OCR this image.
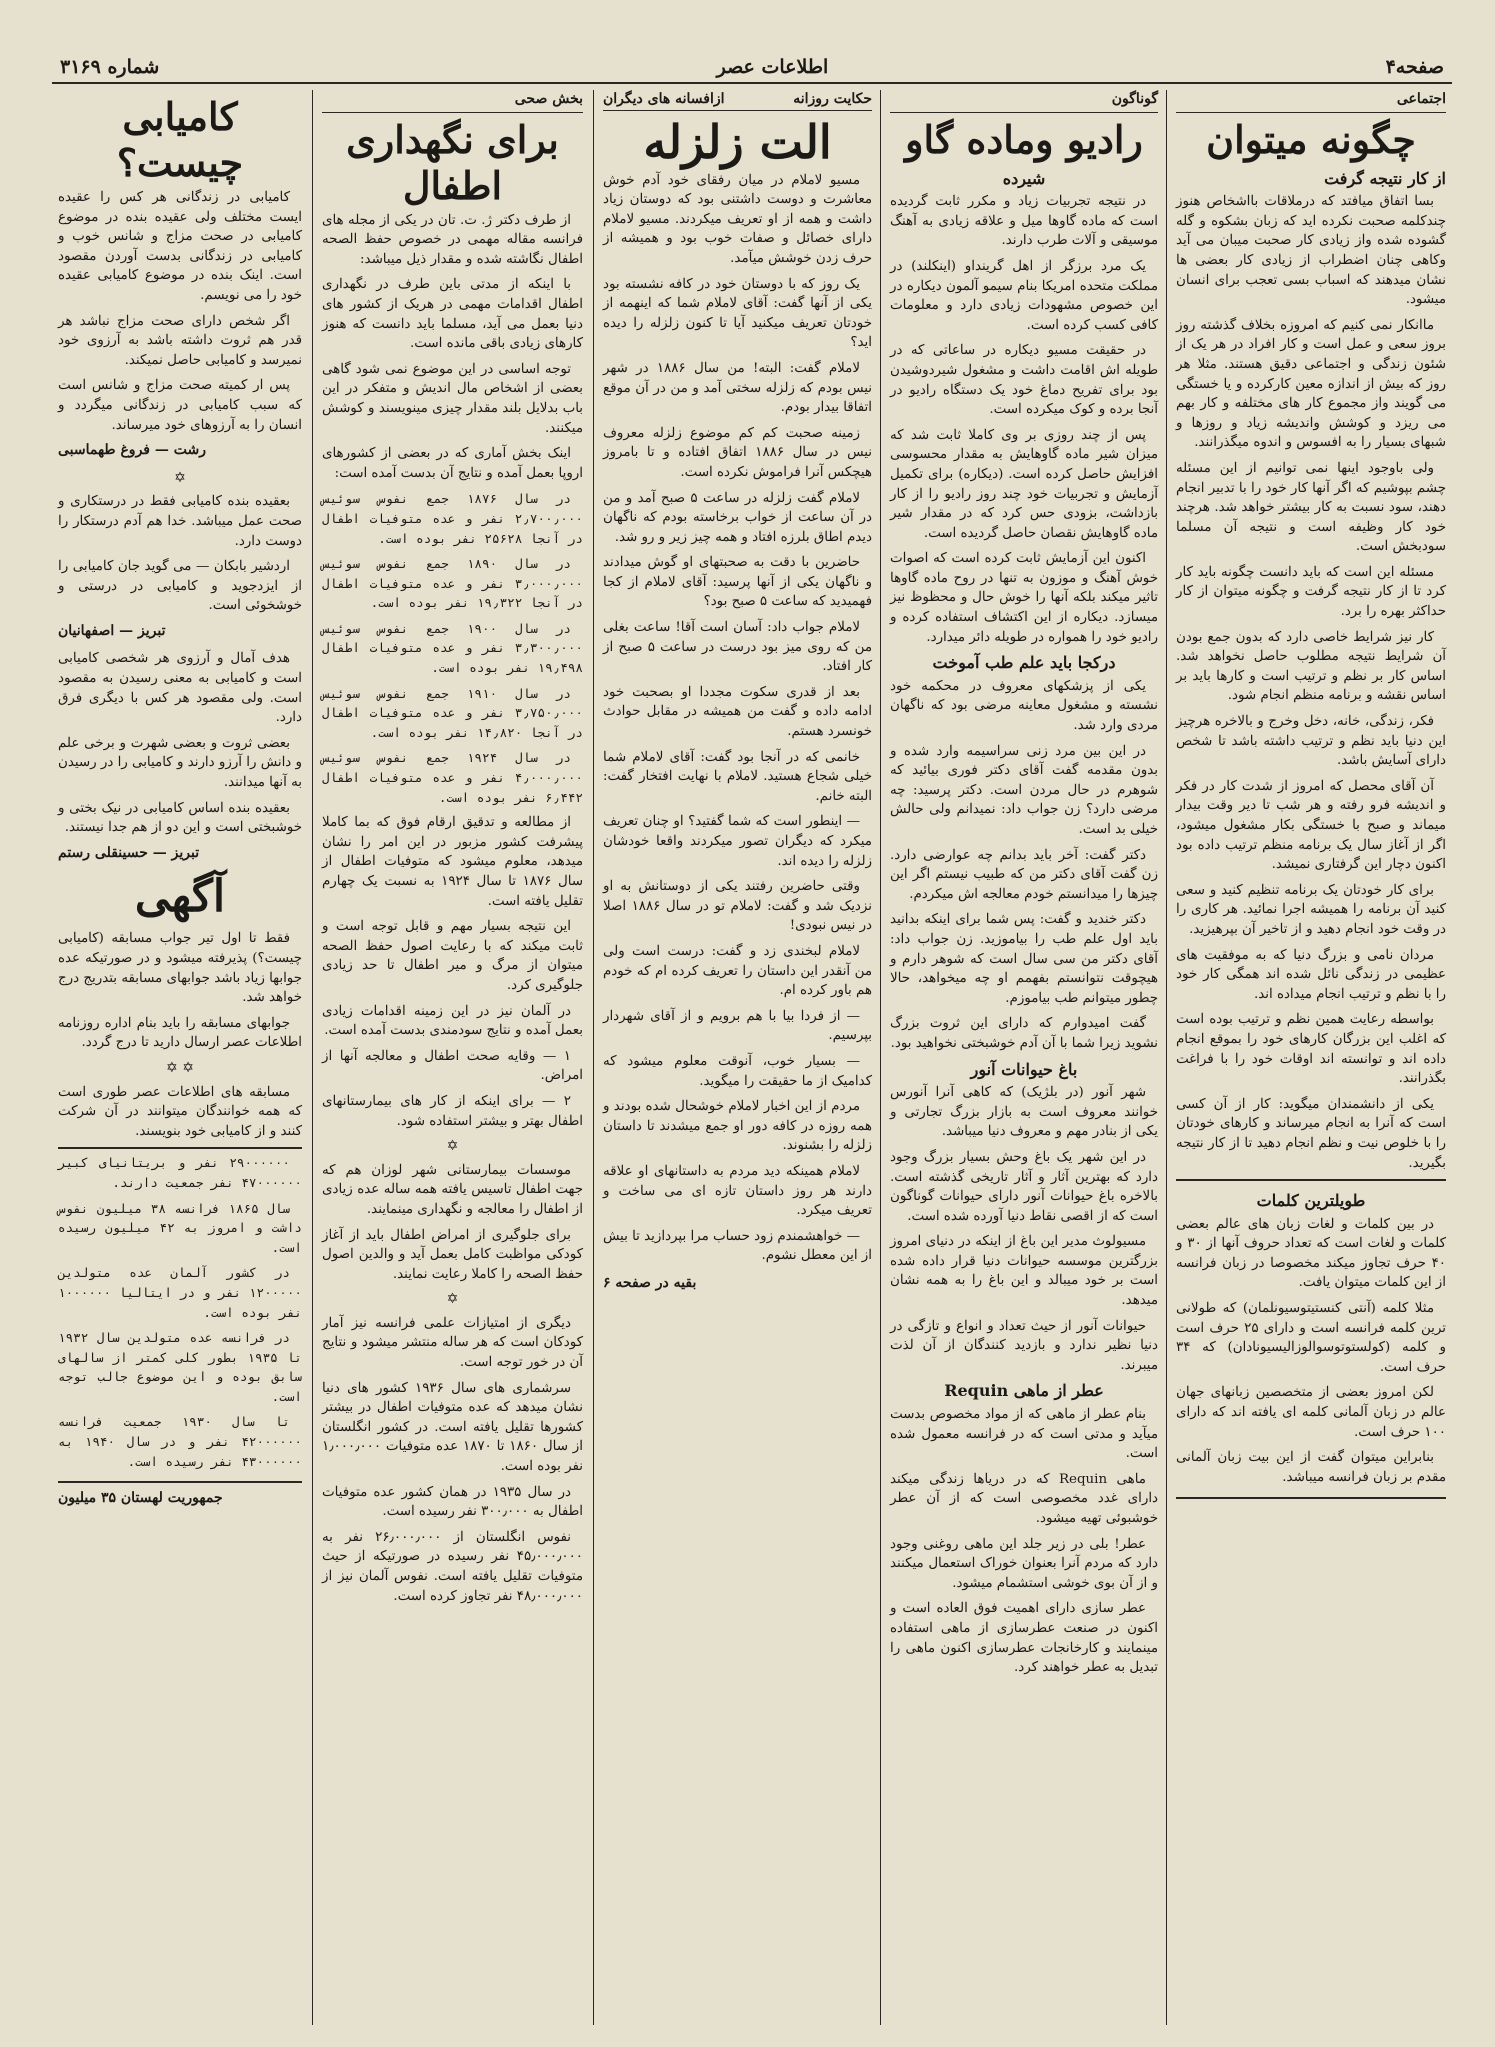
صفحه۴
اطلاعات عصر
شماره ۳۱۶۹
اجتماعی
چگونه میتوان
از کار نتیجه گرفت

بسا اتفاق میافتد که درملاقات بااشخاص هنوز چندکلمه صحبت نکرده اید که زبان بشکوه و گله گشوده شده واز زیادی کار صحبت میبان می آید وکاهی چنان اضطراب از زیادی کار بعضی ها نشان میدهند که اسباب بسی تعجب برای انسان میشود.

ماانکار نمی کنیم که امروزه بخلاف گذشته روز بروز سعی و عمل است و کار افراد در هر یک از شئون زندگی و اجتماعی دقیق هستند. مثلا هر روز که بیش از اندازه معین کارکرده و یا خستگی می گویند واز مجموع کار های مختلفه و کار بهم می ریزد و کوشش واندیشه زیاد و روزها و شبهای بسیار را به افسوس و اندوه میگذرانند.

ولی باوجود اینها نمی توانیم از این مسئله چشم بپوشیم که اگر آنها کار خود را با تدبیر انجام دهند، سود نسبت به کار بیشتر خواهد شد. هرچند خود کار وظیفه است و نتیجه آن مسلما سودبخش است.

مسئله این است که باید دانست چگونه باید کار کرد تا از کار نتیجه گرفت و چگونه میتوان از کار حداکثر بهره را برد.

کار نیز شرایط خاصی دارد که بدون جمع بودن آن شرایط نتیجه مطلوب حاصل نخواهد شد. اساس کار بر نظم و ترتیب است و کارها باید بر اساس نقشه و برنامه منظم انجام شود.

فکر، زندگی، خانه، دخل وخرج و بالاخره هرچیز این دنیا باید نظم و ترتیب داشته باشد تا شخص دارای آسایش باشد.

آن آقای محصل که امروز از شدت کار در فکر و اندیشه فرو رفته و هر شب تا دیر وقت بیدار میماند و صبح با خستگی بکار مشغول میشود، اگر از آغاز سال یک برنامه منظم ترتیب داده بود اکنون دچار این گرفتاری نمیشد.

برای کار خودتان یک برنامه تنظیم کنید و سعی کنید آن برنامه را همیشه اجرا نمائید. هر کاری را در وقت خود انجام دهید و از تاخیر آن بپرهیزید.

مردان نامی و بزرگ دنیا که به موفقیت های عظیمی در زندگی نائل شده اند همگی کار خود را با نظم و ترتیب انجام میداده اند.

بواسطه رعایت همین نظم و ترتیب بوده است که اغلب این بزرگان کارهای خود را بموقع انجام داده اند و توانسته اند اوقات خود را با فراغت بگذرانند.

یکی از دانشمندان میگوید: کار از آن کسی است که آنرا به انجام میرساند و کارهای خودتان را با خلوص نیت و نظم انجام دهید تا از کار نتیجه بگیرید.

طویلترین کلمات

در بین کلمات و لغات زبان های عالم بعضی کلمات و لغات است که تعداد حروف آنها از ۳۰ و ۴۰ حرف تجاوز میکند مخصوصا در زبان فرانسه از این کلمات میتوان یافت.

مثلا کلمه (آنتی کنستیتوسیونلمان) که طولانی ترین کلمه فرانسه است و دارای ۲۵ حرف است و کلمه (کولستوتوسوالوزالیسیونادان) که ۳۴ حرف است.

لکن امروز بعضی از متخصصین زبانهای جهان عالم در زبان آلمانی کلمه ای یافته اند که دارای ۱۰۰ حرف است.

بنابراین میتوان گفت از این بیت زبان آلمانی مقدم بر زبان فرانسه میباشد.

گوناگون
رادیو وماده گاو
شیرده

در نتیجه تجربیات زیاد و مکرر ثابت گردیده است که ماده گاوها میل و علاقه زیادی به آهنگ موسیقی و آلات طرب دارند.

یک مرد برزگر از اهل گرینداو (اینکلند) در مملکت متحده امریکا بنام سیمو آلمون دیکاره در این خصوص مشهودات زیادی دارد و معلومات کافی کسب کرده است.

در حقیقت مسیو دیکاره در ساعاتی که در طویله اش اقامت داشت و مشغول شیردوشیدن بود برای تفریح دماغ خود یک دستگاه رادیو در آنجا برده و کوک میکرده است.

پس از چند روزی بر وی کاملا ثابت شد که میزان شیر ماده گاوهایش به مقدار محسوسی افزایش حاصل کرده است. (دیکاره) برای تکمیل آزمایش و تجربیات خود چند روز رادیو را از کار بازداشت، بزودی حس کرد که در مقدار شیر ماده گاوهایش نقصان حاصل گردیده است.

اکنون این آزمایش ثابت کرده است که اصوات خوش آهنگ و موزون به تنها در روح ماده گاوها تاثیر میکند بلکه آنها را خوش حال و محظوظ نیز میسازد. دیکاره از این اکتشاف استفاده کرده و رادیو خود را همواره در طویله دائر میدارد.

درکجا باید علم طب آموخت

یکی از پزشکهای معروف در محکمه خود نشسته و مشغول معاینه مرضی بود که ناگهان مردی وارد شد.

در این بین مرد زنی سراسیمه وارد شده و بدون مقدمه گفت آقای دکتر فوری بیائید که شوهرم در حال مردن است. دکتر پرسید: چه مرضی دارد؟ زن جواب داد: نمیدانم ولی حالش خیلی بد است.

دکتر گفت: آخر باید بدانم چه عوارضی دارد. زن گفت آقای دکتر من که طبیب نیستم اگر این چیزها را میدانستم خودم معالجه اش میکردم.

دکتر خندید و گفت: پس شما برای اینکه بدانید باید اول علم طب را بیاموزید. زن جواب داد: آقای دکتر من سی سال است که شوهر دارم و هیچوقت نتوانستم بفهمم او چه میخواهد، حالا چطور میتوانم طب بیاموزم.

گفت امیدوارم که دارای این ثروت بزرگ نشوید زیرا شما با آن آدم خوشبختی نخواهید بود.

باغ حیوانات آنور

شهر آنور (در بلژیک) که کاهی آنرا آنورس خوانند معروف است به بازار بزرگ تجارتی و یکی از بنادر مهم و معروف دنیا میباشد.

در این شهر یک باغ وحش بسیار بزرگ وجود دارد که بهترین آثار و آثار تاریخی گذشته است. بالاخره باغ حیوانات آنور دارای حیوانات گوناگون است که از اقصی نقاط دنیا آورده شده است.

مسیولوث مدیر این باغ از اینکه در دنیای امروز بزرگترین موسسه حیوانات دنیا قرار داده شده است بر خود میبالد و این باغ را به همه نشان میدهد.

حیوانات آنور از حیث تعداد و انواع و تازگی در دنیا نظیر ندارد و بازدید کنندگان از آن لذت میبرند.

عطر از ماهی Requin

بنام عطر از ماهی که از مواد مخصوص بدست میآید و مدتی است که در فرانسه معمول شده است.

ماهی Requin که در دریاها زندگی میکند دارای غدد مخصوصی است که از آن عطر خوشبوئی تهیه میشود.

عطر! بلی در زیر جلد این ماهی روغنی وجود دارد که مردم آنرا بعنوان خوراک استعمال میکنند و از آن بوی خوشی استشمام میشود.

عطر سازی دارای اهمیت فوق العاده است و اکنون در صنعت عطرسازی از ماهی استفاده مینمایند و کارخانجات عطرسازی اکنون ماهی را تبدیل به عطر خواهند کرد.

حکایت روزانه
ازافسانه های دیگران
الت زلزله

مسیو لاملام در میان رفقای خود آدم خوش معاشرت و دوست داشتنی بود که دوستان زیاد داشت و همه از او تعریف میکردند. مسیو لاملام دارای خصائل و صفات خوب بود و همیشه از حرف زدن خوشش میآمد.

یک روز که با دوستان خود در کافه نشسته بود یکی از آنها گفت: آقای لاملام شما که اینهمه از خودتان تعریف میکنید آیا تا کنون زلزله را دیده اید؟

لاملام گفت: البته! من سال ۱۸۸۶ در شهر نیس بودم که زلزله سختی آمد و من در آن موقع اتفاقا بیدار بودم.

زمینه صحبت کم کم موضوع زلزله معروف نیس در سال ۱۸۸۶ اتفاق افتاده و تا بامروز هیچکس آنرا فراموش نکرده است.

لاملام گفت زلزله در ساعت ۵ صبح آمد و من در آن ساعت از خواب برخاسته بودم که ناگهان دیدم اطاق بلرزه افتاد و همه چیز زیر و رو شد.

حاضرین با دقت به صحبتهای او گوش میدادند و ناگهان یکی از آنها پرسید: آقای لاملام از کجا فهمیدید که ساعت ۵ صبح بود؟

لاملام جواب داد: آسان است آقا! ساعت بغلی من که روی میز بود درست در ساعت ۵ صبح از کار افتاد.

بعد از قدری سکوت مجددا او بصحبت خود ادامه داده و گفت من همیشه در مقابل حوادث خونسرد هستم.

خانمی که در آنجا بود گفت: آقای لاملام شما خیلی شجاع هستید. لاملام با نهایت افتخار گفت: البته خانم.

— اینطور است که شما گفتید؟ او چنان تعریف میکرد که دیگران تصور میکردند واقعا خودشان زلزله را دیده اند.

وقتی حاضرین رفتند یکی از دوستانش به او نزدیک شد و گفت: لاملام تو در سال ۱۸۸۶ اصلا در نیس نبودی!

لاملام لبخندی زد و گفت: درست است ولی من آنقدر این داستان را تعریف کرده ام که خودم هم باور کرده ام.

— از فردا بیا با هم برویم و از آقای شهردار بپرسیم.

— بسیار خوب، آنوقت معلوم میشود که کدامیک از ما حقیقت را میگوید.

مردم از این اخبار لاملام خوشحال شده بودند و همه روزه در کافه دور او جمع میشدند تا داستان زلزله را بشنوند.

لاملام همینکه دید مردم به داستانهای او علاقه دارند هر روز داستان تازه ای می ساخت و تعریف میکرد.

— خواهشمندم زود حساب مرا بپردازید تا بیش از این معطل نشوم.

بقیه در صفحه ۶
بخش صحی
برای نگهداری اطفال

از طرف دکتر ژ. ت. تان در یکی از مجله های فرانسه مقاله مهمی در خصوص حفظ الصحه اطفال نگاشته شده و مقدار ذیل میباشد:

با اینکه از مدتی باین طرف در نگهداری اطفال اقدامات مهمی در هریک از کشور های دنیا بعمل می آید، مسلما باید دانست که هنوز کارهای زیادی باقی مانده است.

توجه اساسی در این موضوع نمی شود گاهی بعضی از اشخاص مال اندیش و متفکر در این باب بدلایل بلند مقدار چیزی مینویسند و کوشش میکنند.

اینک بخش آماری که در بعضی از کشورهای اروپا بعمل آمده و نتایج آن بدست آمده است:

در سال ۱۸۷۶ جمع نفوس سوئیس ۲٫۷۰۰٫۰۰۰ نفر و عده متوفیات اطفال در آنجا ۲۵۶۲۸ نفر بوده است.

در سال ۱۸۹۰ جمع نفوس سوئیس ۳٫۰۰۰٫۰۰۰ نفر و عده متوفیات اطفال در آنجا ۱۹٫۳۲۲ نفر بوده است.

در سال ۱۹۰۰ جمع نفوس سوئیس ۳٫۳۰۰٫۰۰۰ نفر و عده متوفیات اطفال ۱۹٫۴۹۸ نفر بوده است.

در سال ۱۹۱۰ جمع نفوس سوئیس ۳٫۷۵۰٫۰۰۰ نفر و عده متوفیات اطفال در آنجا ۱۴٫۸۲۰ نفر بوده است.

در سال ۱۹۲۴ جمع نفوس سوئیس ۴٫۰۰۰٫۰۰۰ نفر و عده متوفیات اطفال ۶٫۴۴۲ نفر بوده است.

از مطالعه و تدقیق ارقام فوق که بما کاملا پیشرفت کشور مزبور در این امر را نشان میدهد، معلوم میشود که متوفیات اطفال از سال ۱۸۷۶ تا سال ۱۹۲۴ به نسبت یک چهارم تقلیل یافته است.

این نتیجه بسیار مهم و قابل توجه است و ثابت میکند که با رعایت اصول حفظ الصحه میتوان از مرگ و میر اطفال تا حد زیادی جلوگیری کرد.

در آلمان نیز در این زمینه اقدامات زیادی بعمل آمده و نتایج سودمندی بدست آمده است.

۱ — وقایه صحت اطفال و معالجه آنها از امراض.

۲ — برای اینکه از کار های بیمارستانهای اطفال بهتر و بیشتر استفاده شود.

✡

موسسات بیمارستانی شهر لوزان هم که جهت اطفال تاسیس یافته همه ساله عده زیادی از اطفال را معالجه و نگهداری مینمایند.

برای جلوگیری از امراض اطفال باید از آغاز کودکی مواظبت کامل بعمل آید و والدین اصول حفظ الصحه را کاملا رعایت نمایند.

✡

دیگری از امتیازات علمی فرانسه نیز آمار کودکان است که هر ساله منتشر میشود و نتایج آن در خور توجه است.

سرشماری های سال ۱۹۳۶ کشور های دنیا نشان میدهد که عده متوفیات اطفال در بیشتر کشورها تقلیل یافته است. در کشور انگلستان از سال ۱۸۶۰ تا ۱۸۷۰ عده متوفیات ۱٫۰۰۰٫۰۰۰ نفر بوده است.

در سال ۱۹۳۵ در همان کشور عده متوفیات اطفال به ۳۰۰٫۰۰۰ نفر رسیده است.

نفوس انگلستان از ۲۶٫۰۰۰٫۰۰۰ نفر به ۴۵٫۰۰۰٫۰۰۰ نفر رسیده در صورتیکه از حیث متوفیات تقلیل یافته است. نفوس آلمان نیز از ۴۸٫۰۰۰٫۰۰۰ نفر تجاوز کرده است.

کامیابی چیست؟

کامیابی در زندگانی هر کس را عقیده ایست مختلف ولی عقیده بنده در موضوع کامیابی در صحت مزاج و شانس خوب و کامیابی در زندگانی بدست آوردن مقصود است. اینک بنده در موضوع کامیابی عقیده خود را می نویسم.

اگر شخص دارای صحت مزاج نباشد هر قدر هم ثروت داشته باشد به آرزوی خود نمیرسد و کامیابی حاصل نمیکند.

پس ار کمیته صحت مزاج و شانس است که سبب کامیابی در زندگانی میگردد و انسان را به آرزوهای خود میرساند.

رشت — فروغ طهماسبی
✡

بعقیده بنده کامیابی فقط در درستکاری و صحت عمل میباشد. خدا هم آدم درستکار را دوست دارد.

اردشیر بابکان — می گوید جان کامیابی را از ایزدجوید و کامیابی در درستی و خوشخوئی است.

تبریز — اصفهانیان

هدف آمال و آرزوی هر شخصی کامیابی است و کامیابی به معنی رسیدن به مقصود است. ولی مقصود هر کس با دیگری فرق دارد.

بعضی ثروت و بعضی شهرت و برخی علم و دانش را آرزو دارند و کامیابی را در رسیدن به آنها میدانند.

بعقیده بنده اساس کامیابی در نیک بختی و خوشبختی است و این دو از هم جدا نیستند.

تبریز — حسینقلی رستم
آگهی

فقط تا اول تیر جواب مسابقه (کامیابی چیست؟) پذیرفته میشود و در صورتیکه عده جوابها زیاد باشد جوابهای مسابقه بتدریج درج خواهد شد.

جوابهای مسابقه را باید بنام اداره روزنامه اطلاعات عصر ارسال دارید تا درج گردد.

✡ ✡

مسابقه های اطلاعات عصر طوری است که همه خوانندگان میتوانند در آن شرکت کنند و از کامیابی خود بنویسند.

۲۹۰۰۰۰۰۰ نفر و بریتانیای کبیر ۴۷۰۰۰۰۰۰ نفر جمعیت دارند.

سال ۱۸۶۵ فرانسه ۳۸ میلیون نفوس داشت و امروز به ۴۲ میلیون رسیده است.

در کشور آلمان عده متولدین ۱۲۰۰۰۰۰ نفر و در ایتالیا ۱۰۰۰۰۰۰ نفر بوده است.

در فرانسه عده متولدین سال ۱۹۳۲ تا ۱۹۳۵ بطور کلی کمتر از سالهای سابق بوده و این موضوع جالب توجه است.

تا سال ۱۹۳۰ جمعیت فرانسه ۴۲۰۰۰۰۰۰ نفر و در سال ۱۹۴۰ به ۴۳۰۰۰۰۰۰ نفر رسیده است.

جمهوریت لهستان ۳۵ میلیون
